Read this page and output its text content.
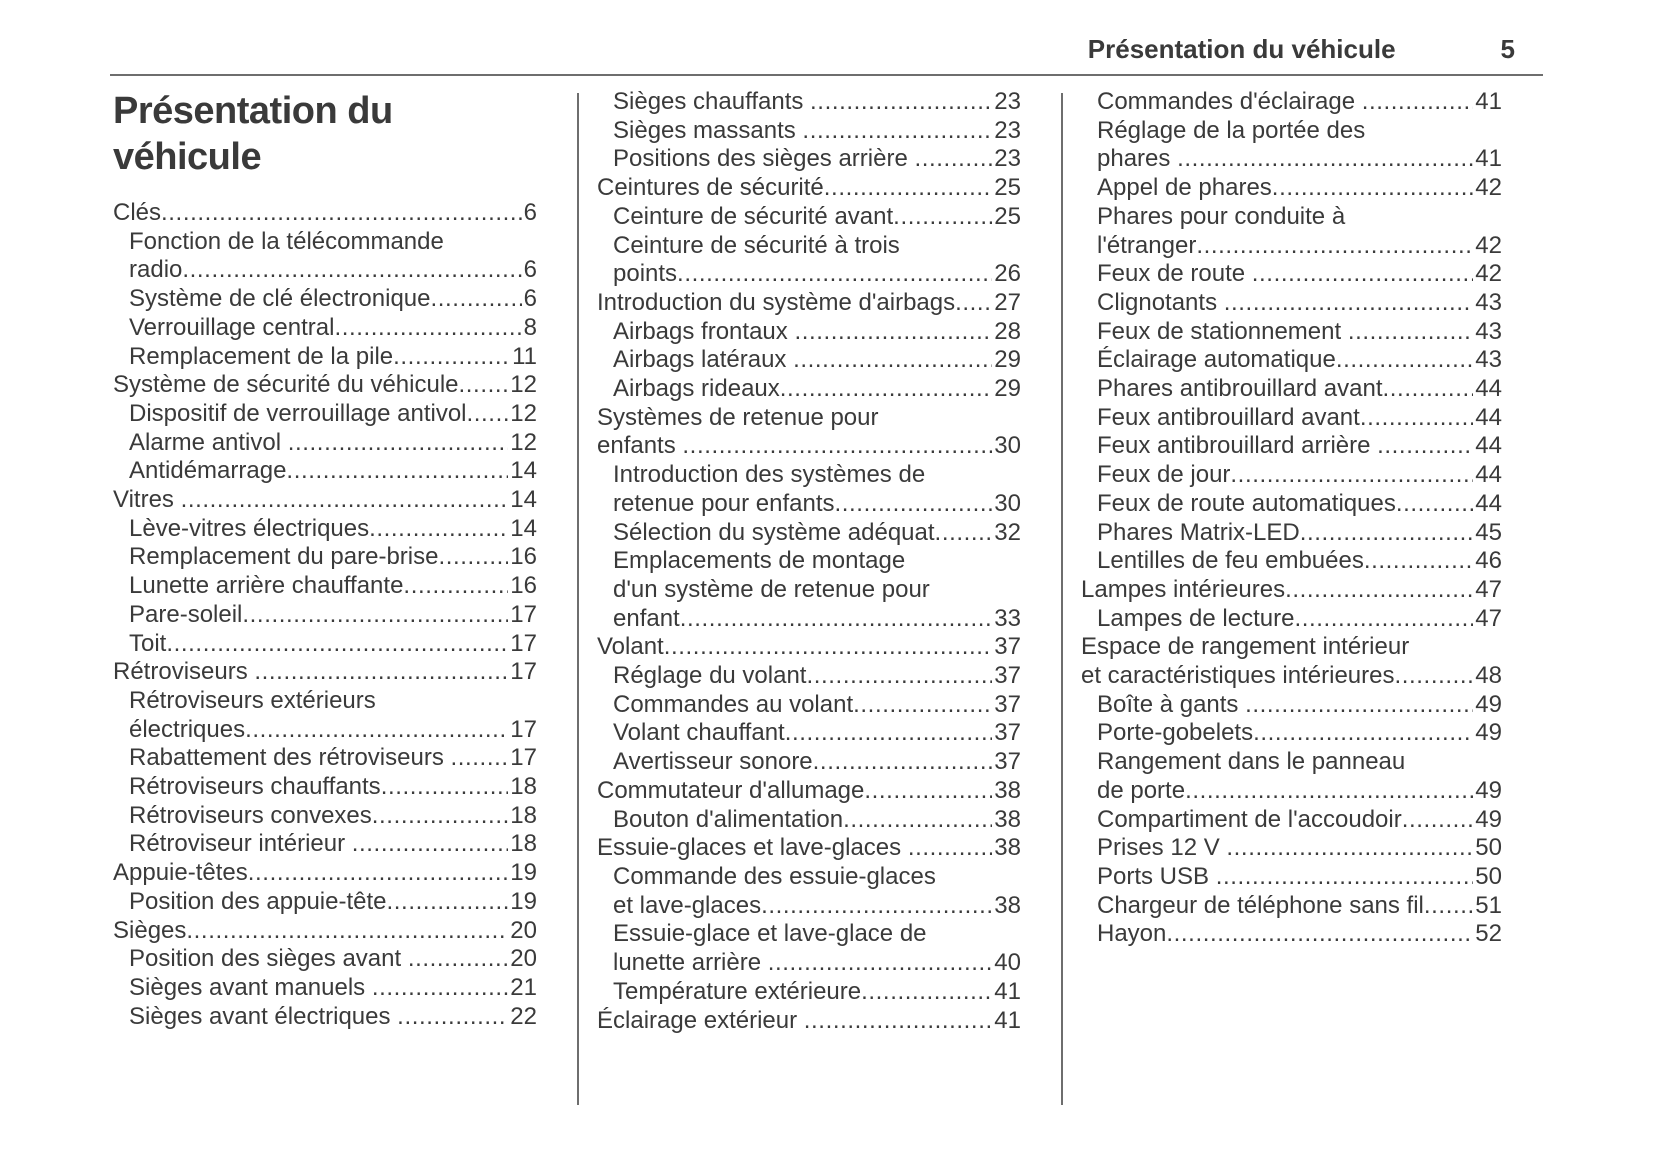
Présentation du véhicule	5
Présentation du
véhicule
Clés .....	6
Fonction de la télécommande
radio .....	6
Système de clé électronique .....	6
Verrouillage central .....	8
Remplacement de la pile .....	11
Système de sécurité du véhicule ..... 12
Dispositif de verrouillage antivol ..... 12
Alarme antivol .....	12
Antidémarrage .....	14
Vitres .....	14
Lève-vitres électriques .....	14
Remplacement du pare-brise .....	16
Lunette arrière chauffante .....	16
Pare-soleil .....	17
Toit .....	17
Rétroviseurs .....	17
Rétroviseurs extérieurs
électriques .....	17
Rabattement des rétroviseurs ..... 17
Rétroviseurs chauffants .....	18
Rétroviseurs convexes .....	18
Rétroviseur intérieur .....	18
Appuie-têtes .....	19
Position des appuie-tête .....	19
Sièges .....	20
Position des sièges avant .....	20
Sièges avant manuels .....	21
Sièges avant électriques .....	22
Sièges chauffants .....	23
Sièges massants .....	23
Positions des sièges arrière .....	23
Ceintures de sécurité .....	25
Ceinture de sécurité avant .....	25
Ceinture de sécurité à trois
points .....	26
Introduction du système d'airbags ..... 27
Airbags frontaux .....	28
Airbags latéraux .....	29
Airbags rideaux .....	29
Systèmes de retenue pour
enfants .....	30
Introduction des systèmes de
retenue pour enfants .....	30
Sélection du système adéquat ..... 32
Emplacements de montage
d'un système de retenue pour
enfant .....	33
Volant .....	37
Réglage du volant .....	37
Commandes au volant .....	37
Volant chauffant .....	37
Avertisseur sonore .....	37
Commutateur d'allumage .....	38
Bouton d'alimentation .....	38
Essuie-glaces et lave-glaces .....	38
Commande des essuie-glaces
et lave-glaces .....	38
Essuie-glace et lave-glace de
lunette arrière .....	40
Température extérieure .....	41
Éclairage extérieur .....	41
Commandes d'éclairage .....	41
Réglage de la portée des
phares .....	41
Appel de phares .....	42
Phares pour conduite à
l'étranger .....	42
Feux de route .....	42
Clignotants .....	43
Feux de stationnement .....	43
Éclairage automatique .....	43
Phares antibrouillard avant .....	44
Feux antibrouillard avant .....	44
Feux antibrouillard arrière .....	44
Feux de jour .....	44
Feux de route automatiques .....	44
Phares Matrix-LED .....	45
Lentilles de feu embuées .....	46
Lampes intérieures .....	47
Lampes de lecture .....	47
Espace de rangement intérieur
et caractéristiques intérieures .....	48
Boîte à gants .....	49
Porte-gobelets .....	49
Rangement dans le panneau
de porte .....	49
Compartiment de l'accoudoir .....	49
Prises 12 V .....	50
Ports USB .....	50
Chargeur de téléphone sans fil ..... 51
Hayon .....	52
